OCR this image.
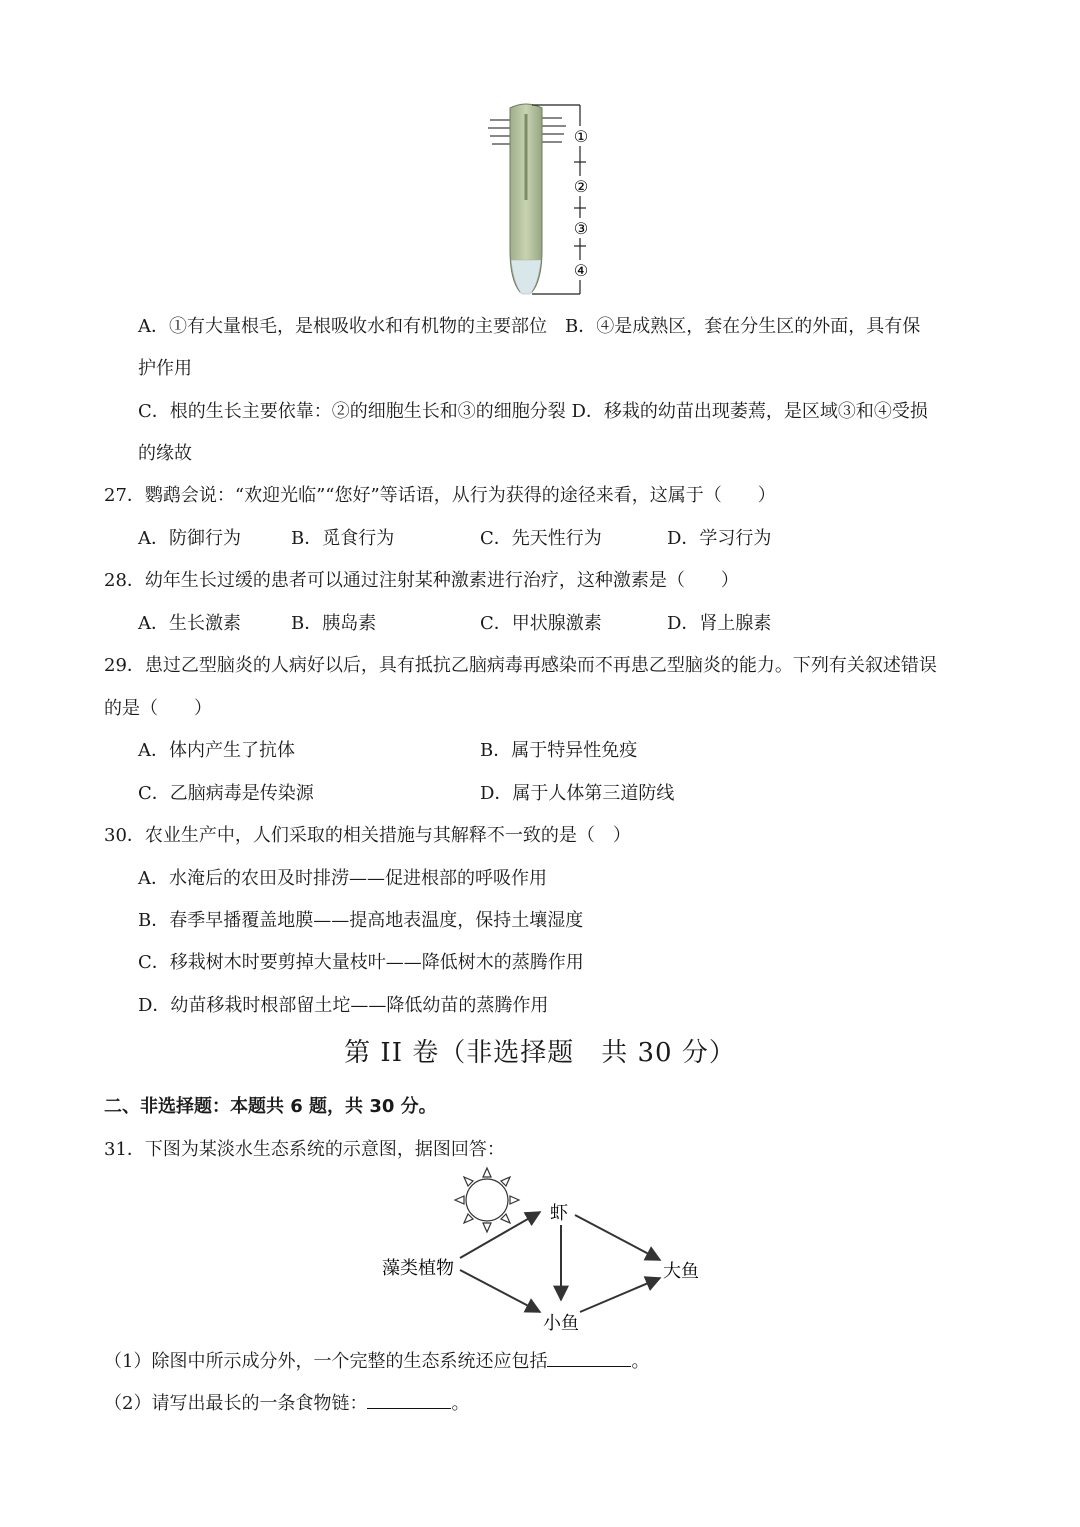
①
②
③
④
A．①有大量根毛，是根吸收水和有机物的主要部位　B．④是成熟区，套在分生区的外面，具有保
护作用
C．根的生长主要依靠：②的细胞生长和③的细胞分裂 D．移栽的幼苗出现萎蔫，是区域③和④受损
的缘故
27．鹦鹉会说：“欢迎光临”“您好”等话语，从行为获得的途径来看，这属于（　　）
A．防御行为	B．觅食行为	C．先天性行为	D．学习行为
28．幼年生长过缓的患者可以通过注射某种激素进行治疗，这种激素是（　　）
A．生长激素	B．胰岛素	C．甲状腺激素	D．肾上腺素
29．患过乙型脑炎的人病好以后，具有抵抗乙脑病毒再感染而不再患乙型脑炎的能力。下列有关叙述错误
的是（　　）
A．体内产生了抗体	B．属于特异性免疫
C．乙脑病毒是传染源	D．属于人体第三道防线
30．农业生产中，人们采取的相关措施与其解释不一致的是（　）
A．水淹后的农田及时排涝——促进根部的呼吸作用
B．春季早播覆盖地膜——提高地表温度，保持土壤湿度
C．移栽树木时要剪掉大量枝叶——降低树木的蒸腾作用
D．幼苗移栽时根部留土坨——降低幼苗的蒸腾作用
第 II 卷（非选择题　共 30 分）
二、非选择题：本题共 6 题，共 30 分。
31．下图为某淡水生态系统的示意图，据图回答：
藻类植物
虾
大鱼
小鱼
（1）除图中所示成分外，一个完整的生态系统还应包括	。
（2）请写出最长的一条食物链：	。
